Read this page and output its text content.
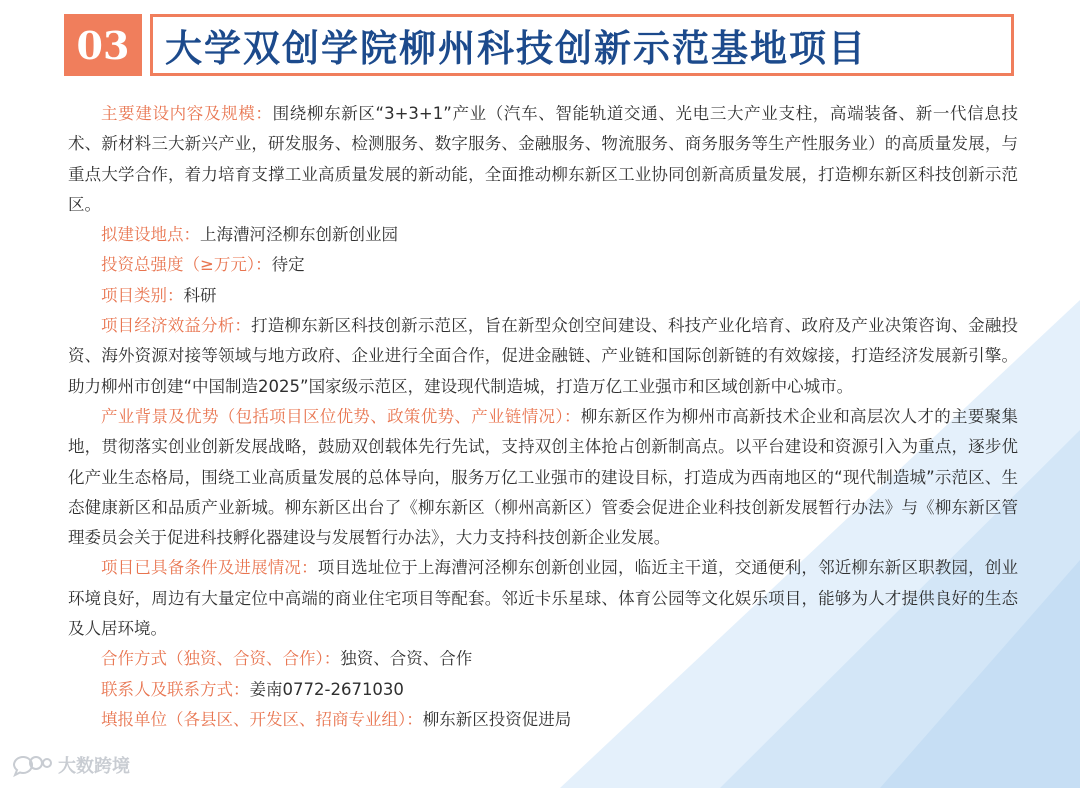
03 大学双创学院柳州科技创新示范基地项目

主要建设内容及规模：围绕柳东新区“3+3+1”产业（汽车、智能轨道交通、光电三大产业支柱，高端装备、新一代信息技术、新材料三大新兴产业，研发服务、检测服务、数字服务、金融服务、物流服务、商务服务等生产性服务业）的高质量发展，与重点大学合作，着力培育支撑工业高质量发展的新动能，全面推动柳东新区工业协同创新高质量发展，打造柳东新区科技创新示范区。

拟建设地点：上海漕河泾柳东创新创业园

投资总强度（≥万元）：待定

项目类别：科研

项目经济效益分析：打造柳东新区科技创新示范区，旨在新型众创空间建设、科技产业化培育、政府及产业决策咨询、金融投资、海外资源对接等领域与地方政府、企业进行全面合作，促进金融链、产业链和国际创新链的有效嫁接，打造经济发展新引擎。助力柳州市创建“中国制造2025”国家级示范区，建设现代制造城，打造万亿工业强市和区域创新中心城市。

产业背景及优势（包括项目区位优势、政策优势、产业链情况）：柳东新区作为柳州市高新技术企业和高层次人才的主要聚集地，贯彻落实创业创新发展战略，鼓励双创载体先行先试，支持双创主体抢占创新制高点。以平台建设和资源引入为重点，逐步优化产业生态格局，围绕工业高质量发展的总体导向，服务万亿工业强市的建设目标，打造成为西南地区的“现代制造城”示范区、生态健康新区和品质产业新城。柳东新区出台了《柳东新区（柳州高新区）管委会促进企业科技创新发展暂行办法》与《柳东新区管理委员会关于促进科技孵化器建设与发展暂行办法》，大力支持科技创新企业发展。

项目已具备条件及进展情况：项目选址位于上海漕河泾柳东创新创业园，临近主干道，交通便利，邻近柳东新区职教园，创业环境良好，周边有大量定位中高端的商业住宅项目等配套。邻近卡乐星球、体育公园等文化娱乐项目，能够为人才提供良好的生态及人居环境。

合作方式（独资、合资、合作）：独资、合资、合作

联系人及联系方式：姜南0772-2671030

填报单位（各县区、开发区、招商专业组）：柳东新区投资促进局

大数跨境
